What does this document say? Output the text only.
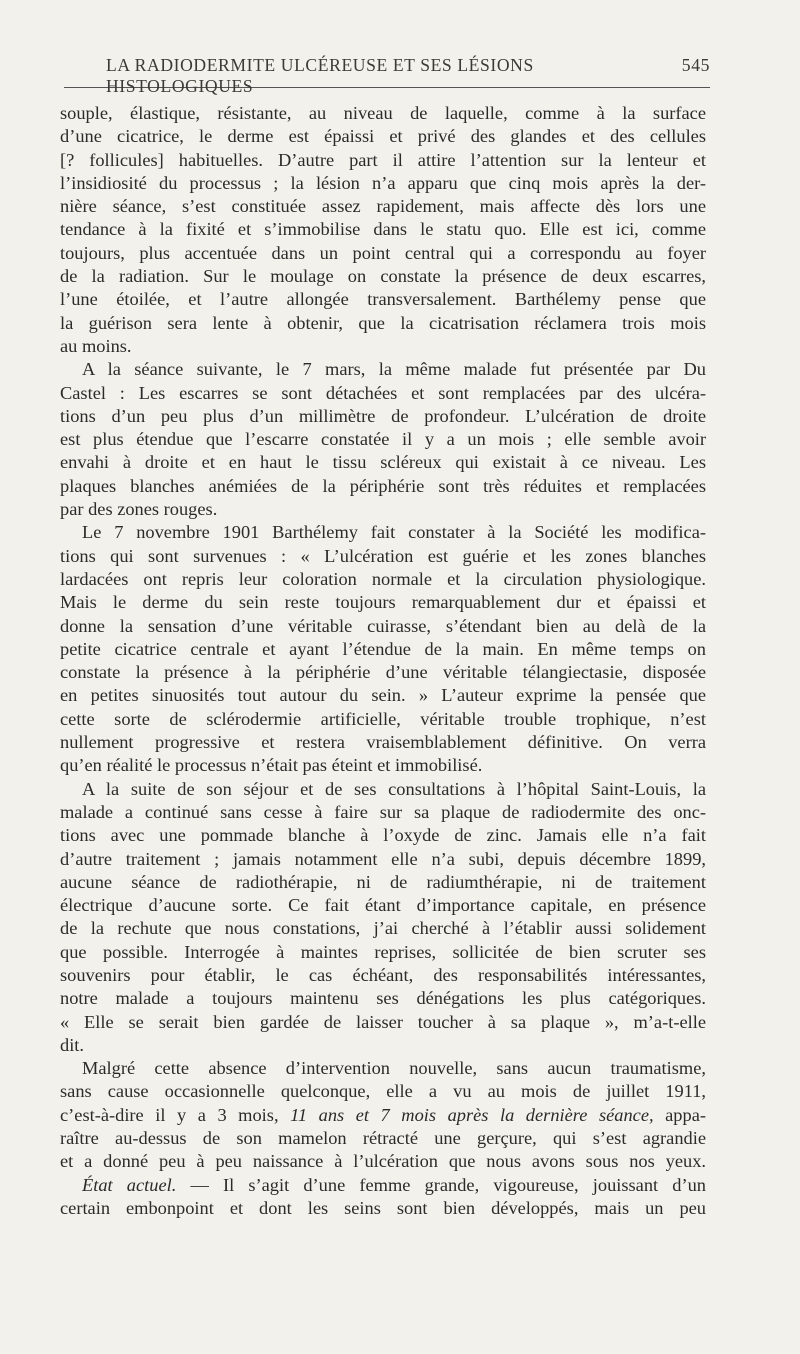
LA RADIODERMITE ULCÉREUSE ET SES LÉSIONS HISTOLOGIQUES
545
souple, élastique, résistante, au niveau de laquelle, comme à la surface
d’une cicatrice, le derme est épaissi et privé des glandes et des cellules
[? follicules] habituelles. D’autre part il attire l’attention sur la lenteur et
l’insidiosité du processus ; la lésion n’a apparu que cinq mois après la der-
nière séance, s’est constituée assez rapidement, mais affecte dès lors une
tendance à la fixité et s’immobilise dans le statu quo. Elle est ici, comme
toujours, plus accentuée dans un point central qui a correspondu au foyer
de la radiation. Sur le moulage on constate la présence de deux escarres,
l’une étoilée, et l’autre allongée transversalement. Barthélemy pense que
la guérison sera lente à obtenir, que la cicatrisation réclamera trois mois
au moins.
A la séance suivante, le 7 mars, la même malade fut présentée par Du
Castel : Les escarres se sont détachées et sont remplacées par des ulcéra-
tions d’un peu plus d’un millimètre de profondeur. L’ulcération de droite
est plus étendue que l’escarre constatée il y a un mois ; elle semble avoir
envahi à droite et en haut le tissu scléreux qui existait à ce niveau. Les
plaques blanches anémiées de la périphérie sont très réduites et remplacées
par des zones rouges.
Le 7 novembre 1901 Barthélemy fait constater à la Société les modifica-
tions qui sont survenues : « L’ulcération est guérie et les zones blanches
lardacées ont repris leur coloration normale et la circulation physiologique.
Mais le derme du sein reste toujours remarquablement dur et épaissi et
donne la sensation d’une véritable cuirasse, s’étendant bien au delà de la
petite cicatrice centrale et ayant l’étendue de la main. En même temps on
constate la présence à la périphérie d’une véritable télangiectasie, disposée
en petites sinuosités tout autour du sein. » L’auteur exprime la pensée que
cette sorte de sclérodermie artificielle, véritable trouble trophique, n’est
nullement progressive et restera vraisemblablement définitive. On verra
qu’en réalité le processus n’était pas éteint et immobilisé.
A la suite de son séjour et de ses consultations à l’hôpital Saint-Louis, la
malade a continué sans cesse à faire sur sa plaque de radiodermite des onc-
tions avec une pommade blanche à l’oxyde de zinc. Jamais elle n’a fait
d’autre traitement ; jamais notamment elle n’a subi, depuis décembre 1899,
aucune séance de radiothérapie, ni de radiumthérapie, ni de traitement
électrique d’aucune sorte. Ce fait étant d’importance capitale, en présence
de la rechute que nous constations, j’ai cherché à l’établir aussi solidement
que possible. Interrogée à maintes reprises, sollicitée de bien scruter ses
souvenirs pour établir, le cas échéant, des responsabilités intéressantes,
notre malade a toujours maintenu ses dénégations les plus catégoriques.
« Elle se serait bien gardée de laisser toucher à sa plaque », m’a-t-elle
dit.
Malgré cette absence d’intervention nouvelle, sans aucun traumatisme,
sans cause occasionnelle quelconque, elle a vu au mois de juillet 1911,
c’est-à-dire il y a 3 mois, 11 ans et 7 mois après la dernière séance, appa-
raître au-dessus de son mamelon rétracté une gerçure, qui s’est agrandie
et a donné peu à peu naissance à l’ulcération que nous avons sous nos yeux.
État actuel. — Il s’agit d’une femme grande, vigoureuse, jouissant d’un
certain embonpoint et dont les seins sont bien développés, mais un peu
